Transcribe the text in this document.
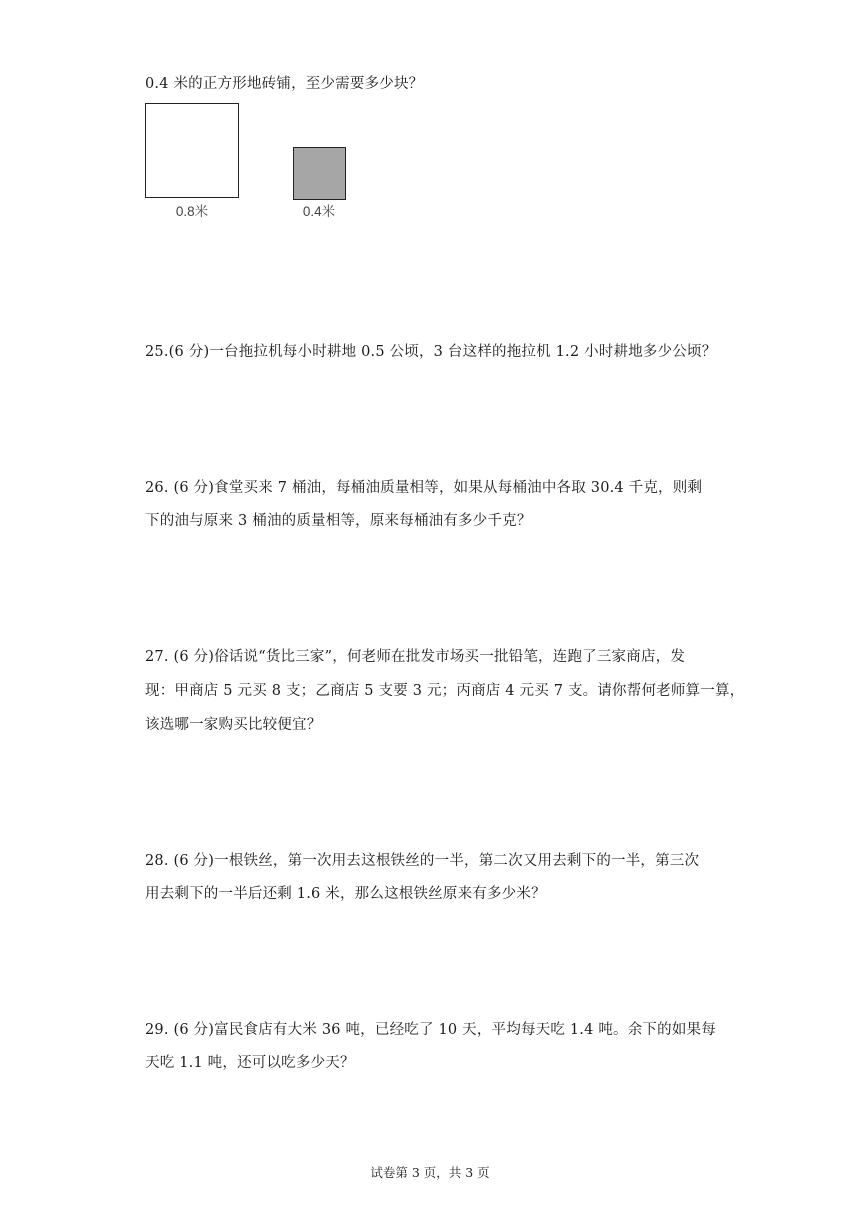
0.4 米的正方形地砖铺，至少需要多少块？
0.8米	0.4米
25.(6 分)一台拖拉机每小时耕地 0.5 公顷，3 台这样的拖拉机 1.2 小时耕地多少公顷？
26. (6 分)食堂买来 7 桶油，每桶油质量相等，如果从每桶油中各取 30.4 千克，则剩
下的油与原来 3 桶油的质量相等，原来每桶油有多少千克？
27. (6 分)俗话说“货比三家”，何老师在批发市场买一批铅笔，连跑了三家商店，发
现：甲商店 5 元买 8 支；乙商店 5 支要 3 元；丙商店 4 元买 7 支。请你帮何老师算一算，
该选哪一家购买比较便宜？
28. (6 分)一根铁丝，第一次用去这根铁丝的一半，第二次又用去剩下的一半，第三次
用去剩下的一半后还剩 1.6 米，那么这根铁丝原来有多少米？
29. (6 分)富民食店有大米 36 吨，已经吃了 10 天，平均每天吃 1.4 吨。余下的如果每
天吃 1.1 吨，还可以吃多少天？
试卷第 3 页，共 3 页
